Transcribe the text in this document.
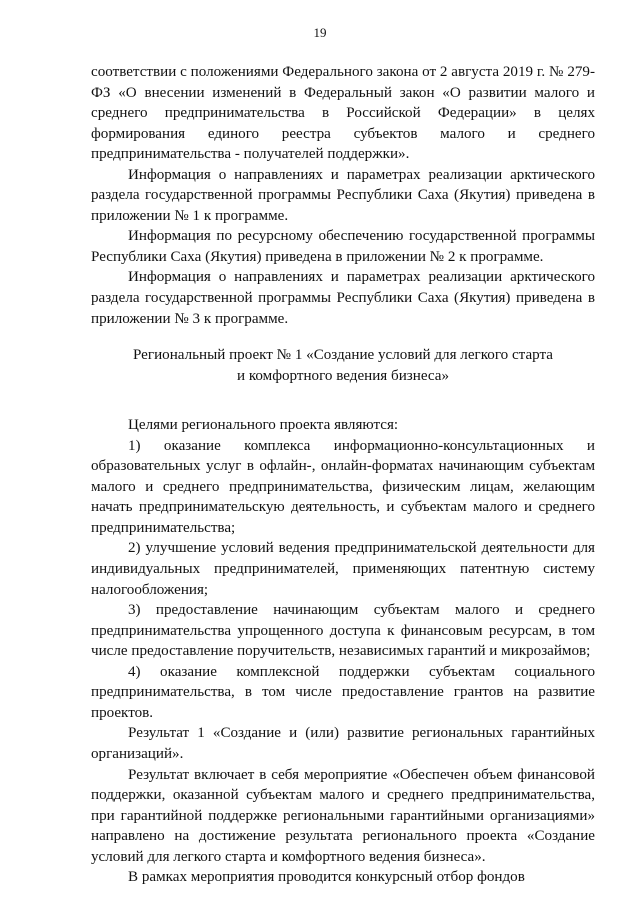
19

соответствии с положениями Федерального закона от 2 августа 2019 г. № 279-ФЗ «О внесении изменений в Федеральный закон «О развитии малого и среднего предпринимательства в Российской Федерации» в целях формирования единого реестра субъектов малого и среднего предпринимательства - получателей поддержки».

Информация о направлениях и параметрах реализации арктического раздела государственной программы Республики Саха (Якутия) приведена в приложении № 1 к программе.

Информация по ресурсному обеспечению государственной программы Республики Саха (Якутия) приведена в приложении № 2 к программе.

Информация о направлениях и параметрах реализации арктического раздела государственной программы Республики Саха (Якутия) приведена в приложении № 3 к программе.

Региональный проект № 1 «Создание условий для легкого старта
и комфортного ведения бизнеса»

Целями регионального проекта являются:

1) оказание комплекса информационно-консультационных и образовательных услуг в офлайн-, онлайн-форматах начинающим субъектам малого и среднего предпринимательства, физическим лицам, желающим начать предпринимательскую деятельность, и субъектам малого и среднего предпринимательства;

2) улучшение условий ведения предпринимательской деятельности для индивидуальных предпринимателей, применяющих патентную систему налогообложения;

3) предоставление начинающим субъектам малого и среднего предпринимательства упрощенного доступа к финансовым ресурсам, в том числе предоставление поручительств, независимых гарантий и микрозаймов;

4) оказание комплексной поддержки субъектам социального предпринимательства, в том числе предоставление грантов на развитие проектов.

Результат 1 «Создание и (или) развитие региональных гарантийных организаций».

Результат включает в себя мероприятие «Обеспечен объем финансовой поддержки, оказанной субъектам малого и среднего предпринимательства, при гарантийной поддержке региональными гарантийными организациями» направлено на достижение результата регионального проекта «Создание условий для легкого старта и комфортного ведения бизнеса».

В рамках мероприятия проводится конкурсный отбор фондов
